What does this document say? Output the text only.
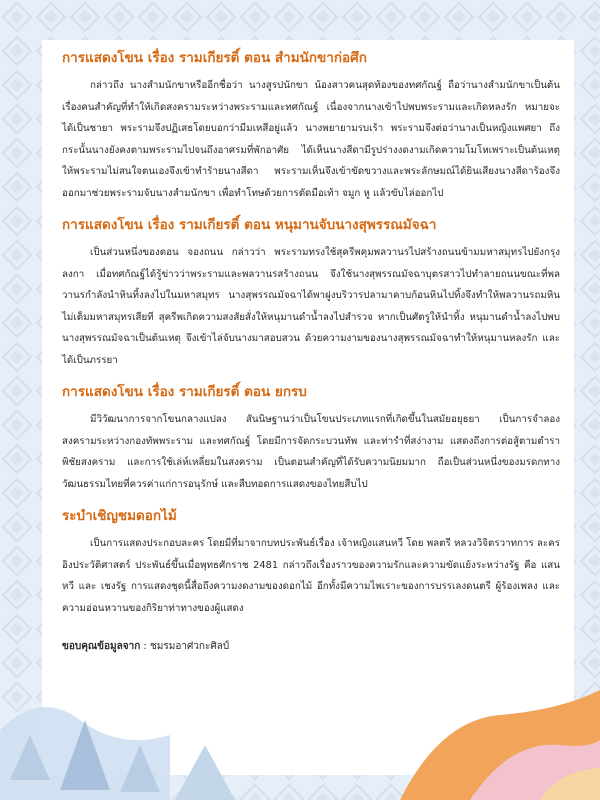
การแสดงโขน เรื่อง รามเกียรติ์ ตอน สำมนักขาก่อศึก

กล่าวถึง นางสำมนักขาหรืออีกชื่อว่า นางสูรปนักขา น้องสาวคนสุดท้องของทศกัณฐ์ ถือว่านางสำมนักขาเป็นต้นเรื่องคนสำคัญที่ทำให้เกิดสงครามระหว่างพระรามและทศกัณฐ์ เนื่องจากนางเข้าไปพบพระรามและเกิดหลงรัก หมายจะได้เป็นชายา พระรามจึงปฏิเสธโดยบอกว่ามีมเหสีอยู่แล้ว นางพยายามรบเร้า พระรามจึงต่อว่านางเป็นหญิงแพศยา ถึงกระนั้นนางยังคงตามพระรามไปจนถึงอาศรมที่พักอาศัย ได้เห็นนางสีดามีรูปร่างงดงามเกิดความโมโหเพราะเป็นต้นเหตุให้พระรามไม่สนใจตนเองจึงเข้าทำร้ายนางสีดา พระรามเห็นจึงเข้าขัดขวางและพระลักษมณ์ได้ยินเสียงนางสีดาร้องจึงออกมาช่วยพระรามจับนางสำมนักขา เพื่อทำโทษด้วยการตัดมือเท้า จมูก หู แล้วขับไล่ออกไป

การแสดงโขน เรื่อง รามเกียรติ์ ตอน หนุมานจับนางสุพรรณมัจฉา

เป็นส่วนหนึ่งของตอน จองถนน กล่าวว่า พระรามทรงใช้สุครีพคุมพลวานรไปสร้างถนนข้ามมหาสมุทรไปยังกรุงลงกา เมื่อทศกัณฐ์ได้รู้ข่าวว่าพระรามและพลวานรสร้างถนน จึงใช้นางสุพรรณมัจฉาบุตรสาวไปทำลายถนนขณะที่พลวานรกำลังนำหินทิ้งลงไปในมหาสมุทร นางสุพรรณมัจฉาได้พาฝูงบริวารปลามาคาบก้อนหินไปทิ้งจึงทำให้พลวานรถมหินไม่เต็มมหาสมุทรเสียที สุครีพเกิดความสงสัยสั่งให้หนุมานดำน้ำลงไปสำรวจ หากเป็นศัตรูให้นำทิ้ง หนุมานดำน้ำลงไปพบนางสุพรรณมัจฉาเป็นต้นเหตุ จึงเข้าไล่จับนางมาสอบสวน ด้วยความงามของนางสุพรรณมัจฉาทำให้หนุมานหลงรัก และได้เป็นภรรยา

การแสดงโขน เรื่อง รามเกียรติ์ ตอน ยกรบ

มีวิวัฒนาการจากโขนกลางแปลง สันนิษฐานว่าเป็นโขนประเภทแรกที่เกิดขึ้นในสมัยอยุธยา เป็นการจำลองสงครามระหว่างกองทัพพระราม และทศกัณฐ์ โดยมีการจัดกระบวนทัพ และท่ารำที่สง่างาม แสดงถึงการต่อสู้ตามตำราพิชัยสงคราม และการใช้เล่ห์เหลี่ยมในสงคราม เป็นตอนสำคัญที่ได้รับความนิยมมาก ถือเป็นส่วนหนึ่งของมรดกทางวัฒนธรรมไทยที่ควรค่าแก่การอนุรักษ์ และสืบทอดการแสดงของไทยสืบไป

ระบำเชิญชมดอกไม้

เป็นการแสดงประกอบละคร โดยมีที่มาจากบทประพันธ์เรื่อง เจ้าหญิงแสนหวี โดย พลตรี หลวงวิจิตรวาทการ ละครอิงประวัติศาสตร์ ประพันธ์ขึ้นเมื่อพุทธศักราช 2481 กล่าวถึงเรื่องราวของความรักและความขัดแย้งระหว่างรัฐ คือ แสนหวี และ เชงรัฐ การแสดงชุดนี้สื่อถึงความงดงามของดอกไม้ อีกทั้งมีความไพเราะของการบรรเลงดนตรี ผู้ร้องเพลง และความอ่อนหวานของกิริยาท่าทางของผู้แสดง

ขอบคุณข้อมูลจาก : ชมรมอาศ่วกะศิลป์
